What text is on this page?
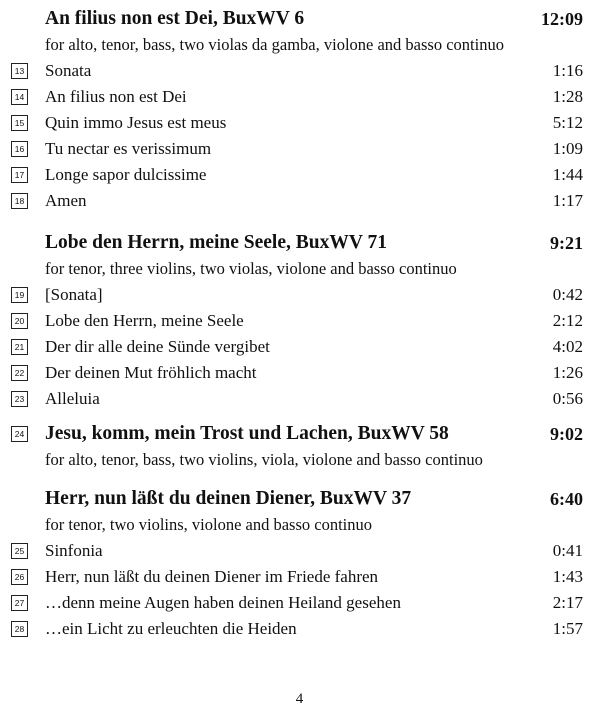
An filius non est Dei, BuxWV 6	12:09
for alto, tenor, bass, two violas da gamba, violone and basso continuo
13 Sonata	1:16
14 An filius non est Dei	1:28
15 Quin immo Jesus est meus	5:12
16 Tu nectar es verissimum	1:09
17 Longe sapor dulcissime	1:44
18 Amen	1:17
Lobe den Herrn, meine Seele, BuxWV 71	9:21
for tenor, three violins, two violas, violone and basso continuo
19 [Sonata]	0:42
20 Lobe den Herrn, meine Seele	2:12
21 Der dir alle deine Sünde vergibet	4:02
22 Der deinen Mut fröhlich macht	1:26
23 Alleluia	0:56
24 Jesu, komm, mein Trost und Lachen, BuxWV 58	9:02
for alto, tenor, bass, two violins, viola, violone and basso continuo
Herr, nun läßt du deinen Diener, BuxWV 37	6:40
for tenor, two violins, violone and basso continuo
25 Sinfonia	0:41
26 Herr, nun läßt du deinen Diener im Friede fahren	1:43
27 …denn meine Augen haben deinen Heiland gesehen	2:17
28 …ein Licht zu erleuchten die Heiden	1:57
4
